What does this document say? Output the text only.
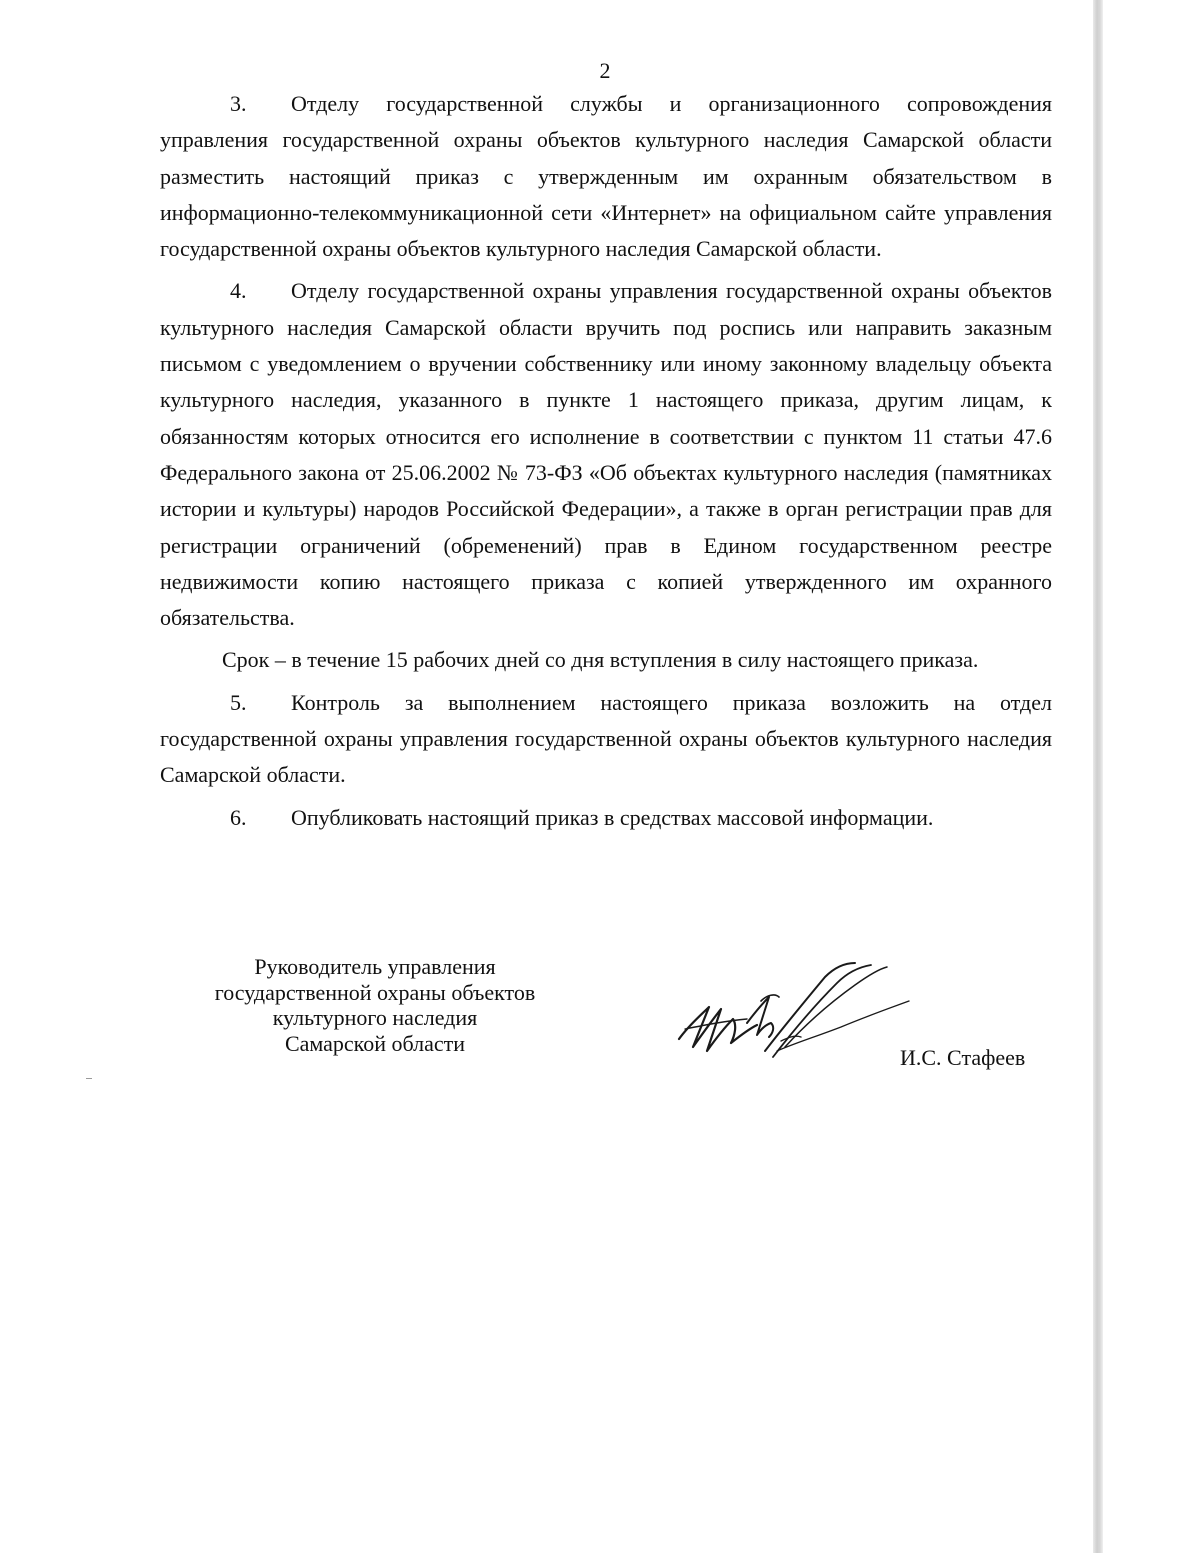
2

3. Отделу государственной службы и организационного сопровождения управления государственной охраны объектов культурного наследия Самарской области разместить настоящий приказ с утвержденным им охранным обязательством в информационно-телекоммуникационной сети «Интернет» на официальном сайте управления государственной охраны объектов культурного наследия Самарской области.

4. Отделу государственной охраны управления государственной охраны объектов культурного наследия Самарской области вручить под роспись или направить заказным письмом с уведомлением о вручении собственнику или иному законному владельцу объекта культурного наследия, указанного в пункте 1 настоящего приказа, другим лицам, к обязанностям которых относится его исполнение в соответствии с пунктом 11 статьи 47.6 Федерального закона от 25.06.2002 № 73-ФЗ «Об объектах культурного наследия (памятниках истории и культуры) народов Российской Федерации», а также в орган регистрации прав для регистрации ограничений (обременений) прав в Едином государственном реестре недвижимости копию настоящего приказа с копией утвержденного им охранного обязательства.

Срок – в течение 15 рабочих дней со дня вступления в силу настоящего приказа.

5. Контроль за выполнением настоящего приказа возложить на отдел государственной охраны управления государственной охраны объектов культурного наследия Самарской области.

6. Опубликовать настоящий приказ в средствах массовой информации.

Руководитель управления
государственной охраны объектов
культурного наследия
Самарской области
И.С. Стафеев
